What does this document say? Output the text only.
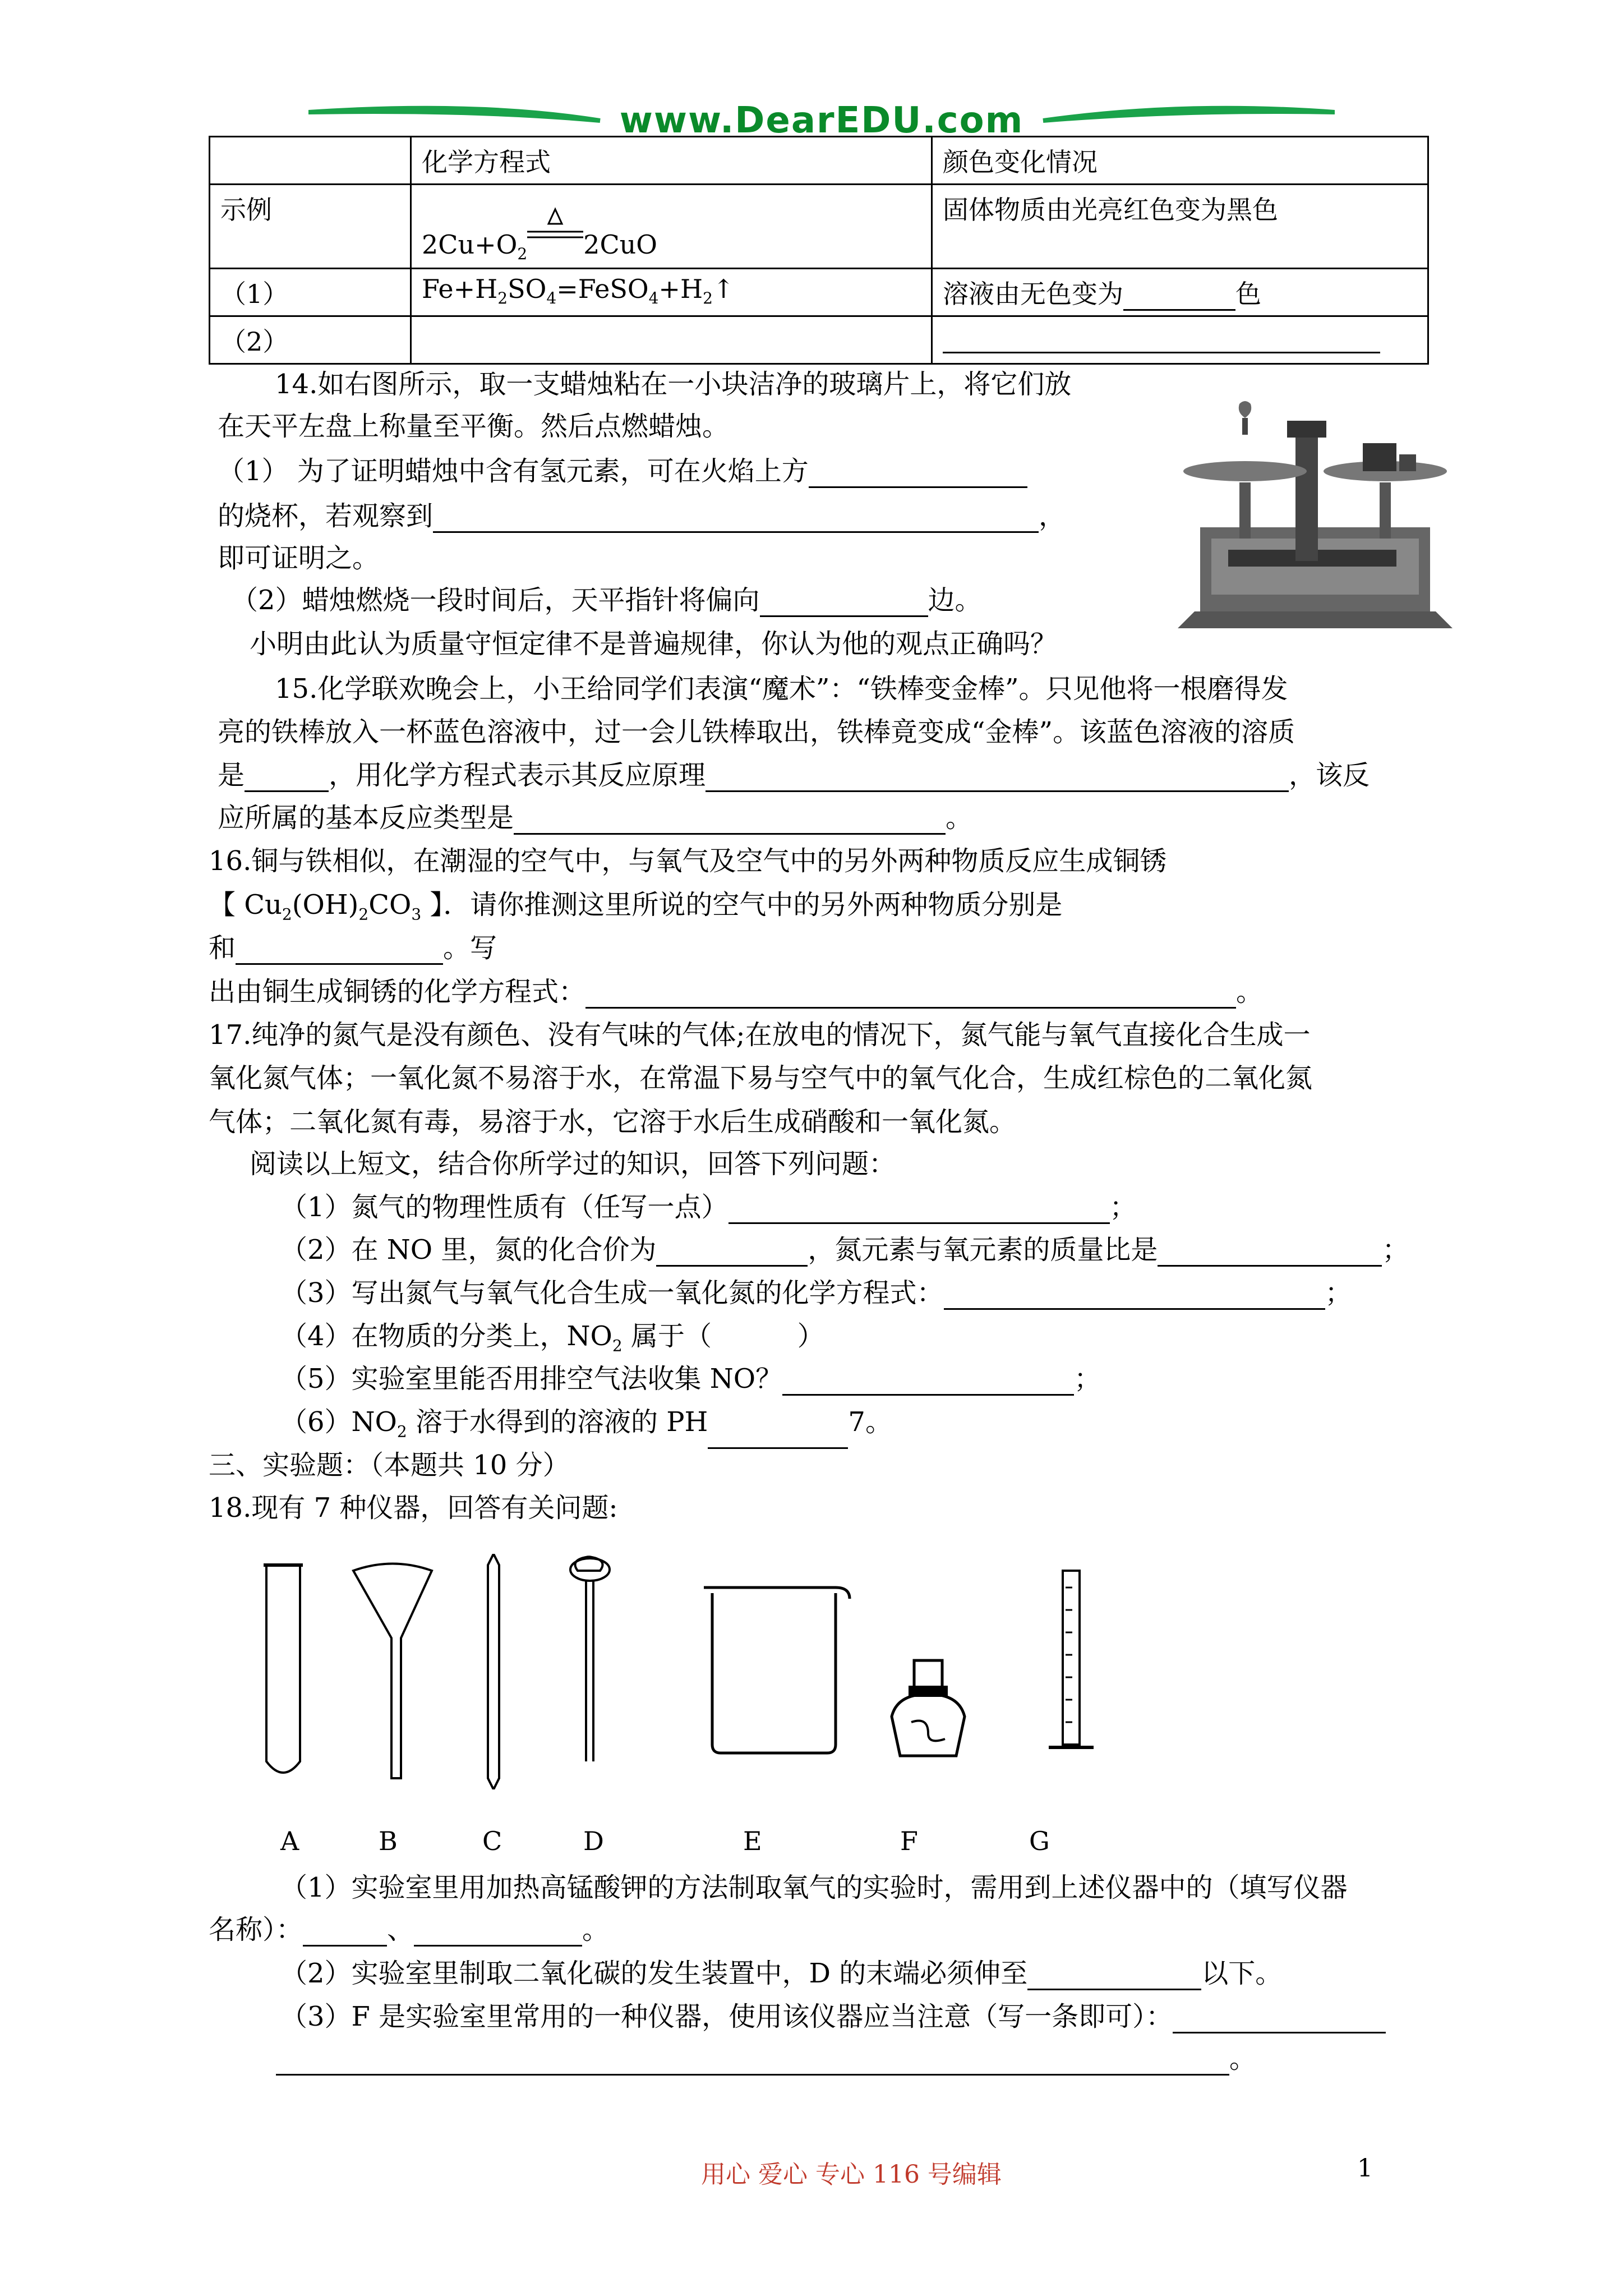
www.DearEDU.com
	化学方程式	颜色变化情况
示例	$2Cu+O_2$ 2CuO	固体物质由光亮红色变为黑色
（1）	$Fe+H_2SO_4=FeSO_4+H_2↑$	溶液由无色变为 色
（2）		
14.如右图所示，取一支蜡烛粘在一小块洁净的玻璃片上，将它们放
在天平左盘上称量至平衡。然后点燃蜡烛。
（1） 为了证明蜡烛中含有氢元素，可在火焰上方
的烧杯，若观察到	，
即可证明之。
（2）蜡烛燃烧一段时间后，天平指针将偏向	边。
小明由此认为质量守恒定律不是普遍规律，你认为他的观点正确吗？
15.化学联欢晚会上，小王给同学们表演“魔术”：“铁棒变金棒”。只见他将一根磨得发
亮的铁棒放入一杯蓝色溶液中，过一会儿铁棒取出，铁棒竟变成“金棒”。该蓝色溶液的溶质
是	，用化学方程式表示其反应原理	，该反
应所属的基本反应类型是	。
16.铜与铁相似，在潮湿的空气中，与氧气及空气中的另外两种物质反应生成铜锈
【 $Cu_2(OH)_2CO_3$ 】．请你推测这里所说的空气中的另外两种物质分别是
和	。写
出由铜生成铜锈的化学方程式：	。
17.纯净的氮气是没有颜色、没有气味的气体;在放电的情况下，氮气能与氧气直接化合生成一
氧化氮气体；一氧化氮不易溶于水，在常温下易与空气中的氧气化合，生成红棕色的二氧化氮
气体；二氧化氮有毒，易溶于水，它溶于水后生成硝酸和一氧化氮。
阅读以上短文，结合你所学过的知识，回答下列问题：
（1）氮气的物理性质有（任写一点）	；
（2）在 NO 里，氮的化合价为	，氮元素与氧元素的质量比是	；
（3）写出氮气与氧气化合生成一氧化氮的化学方程式：	；
（4）在物质的分类上，$NO_2$ 属于（          ）
（5）实验室里能否用排空气法收集 NO？	；
$(6)NO_2$ 溶于水得到的溶液的 PH	7。
三、实验题：（本题共 10 分）
18.现有 7 种仪器，回答有关问题:
A	B	C	D	E	F	G
（1）实验室里用加热高锰酸钾的方法制取氧气的实验时，需用到上述仪器中的（填写仪器
名称）：	、	。
（2）实验室里制取二氧化碳的发生装置中，D 的末端必须伸至	以下。
（3）F 是实验室里常用的一种仪器，使用该仪器应当注意（写一条即可）：
。
用心 爱心 专心 116 号编辑	1
